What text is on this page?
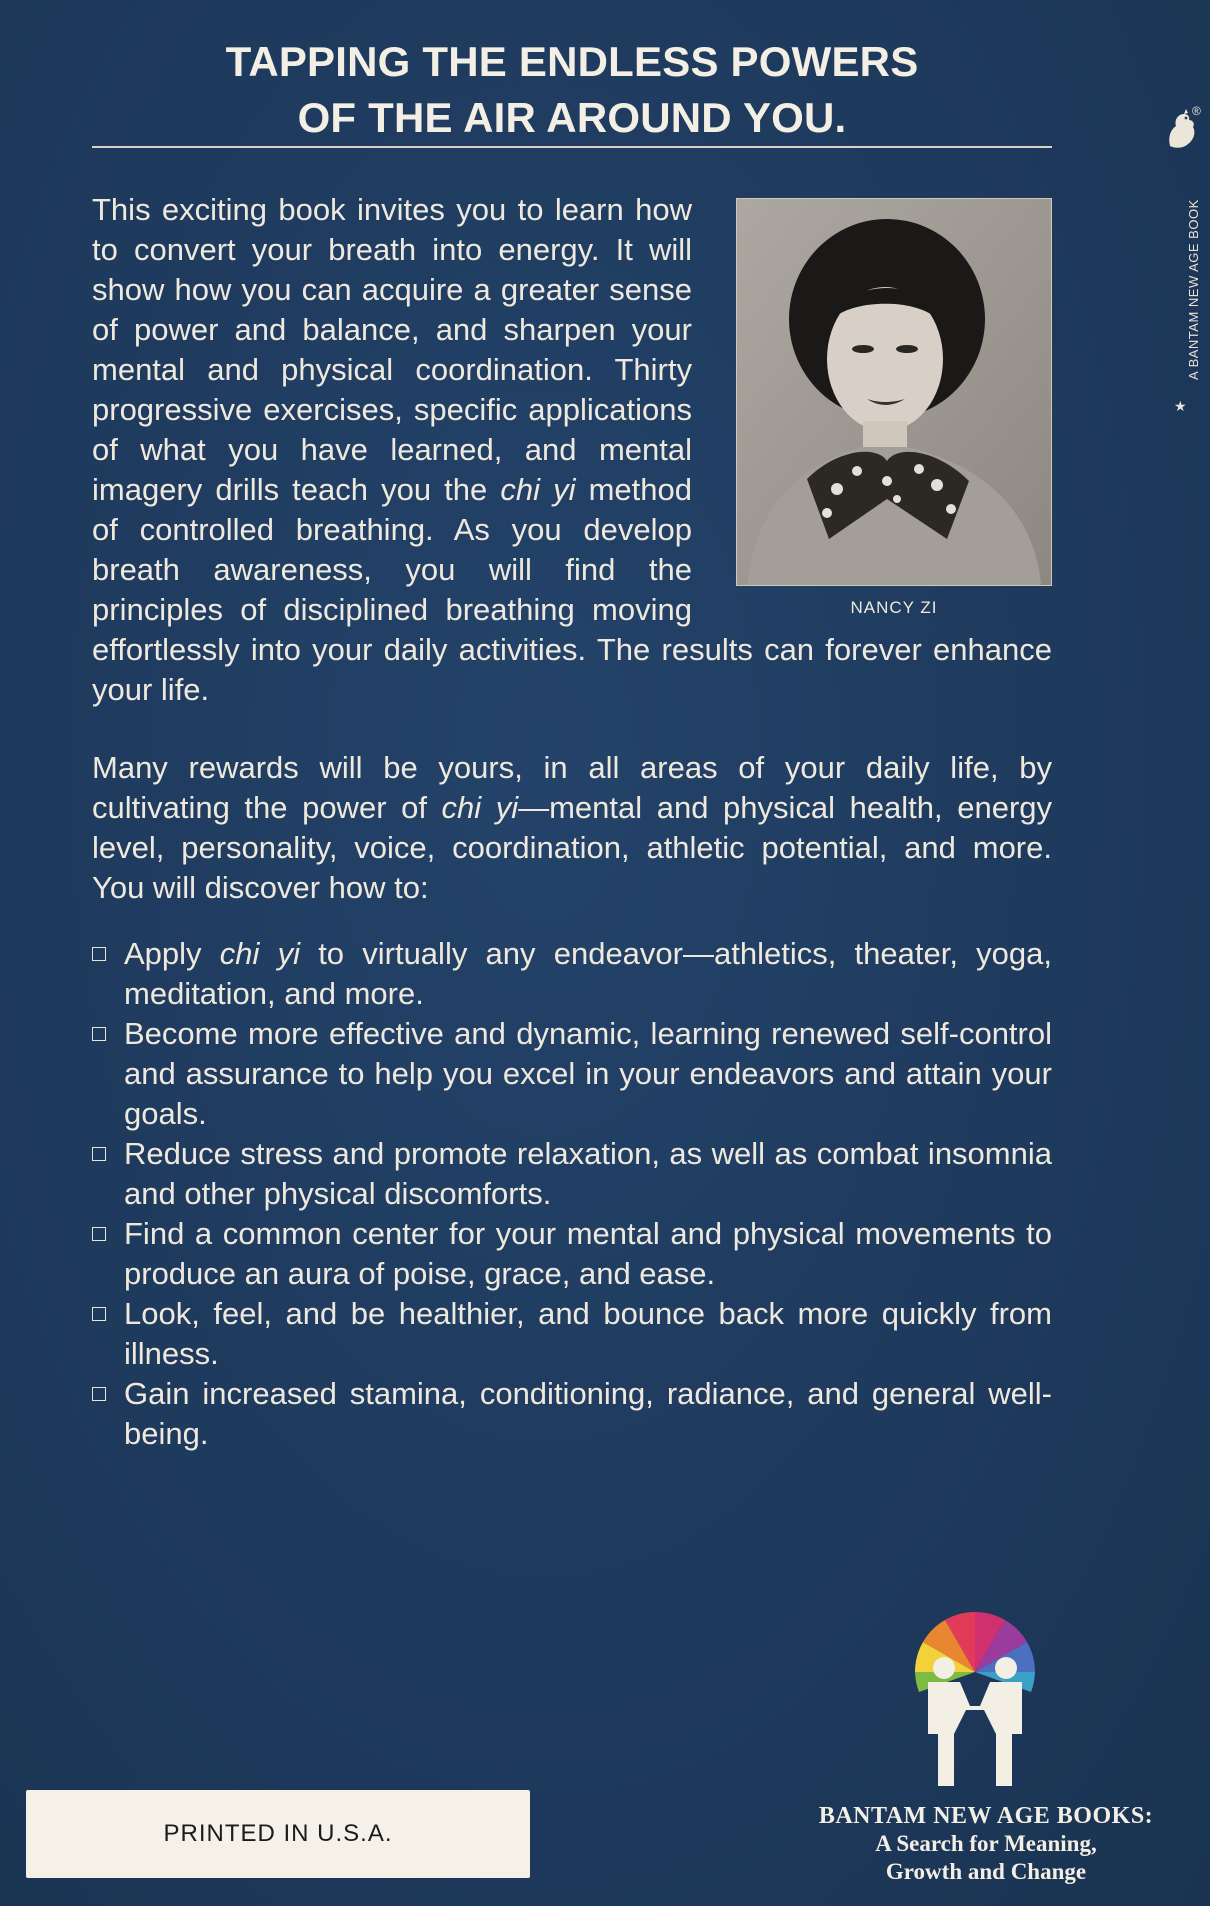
TAPPING THE ENDLESS POWERS
OF THE AIR AROUND YOU.	®
A BANTAM NEW AGE BOOK
★
NANCY ZI

This exciting book invites you to learn how to convert your breath into energy. It will show how you can acquire a greater sense of power and balance, and sharpen your mental and physical coordination. Thirty progressive exercises, specific applications of what you have learned, and mental imagery drills teach you the chi yi method of controlled breathing. As you develop breath awareness, you will find the principles of disciplined breathing moving effortlessly into your daily activities. The results can forever enhance your life.

Many rewards will be yours, in all areas of your daily life, by cultivating the power of chi yi—mental and physical health, energy level, personality, voice, coordination, athletic potential, and more. You will discover how to:

Apply chi yi to virtually any endeavor—athletics, theater, yoga, meditation, and more.
Become more effective and dynamic, learning renewed self-control and assurance to help you excel in your endeavors and attain your goals.
Reduce stress and promote relaxation, as well as combat insomnia and other physical discomforts.
Find a common center for your mental and physical movements to produce an aura of poise, grace, and ease.
Look, feel, and be healthier, and bounce back more quickly from illness.
Gain increased stamina, conditioning, radiance, and general well-being.
BANTAM NEW AGE BOOKS:
A Search for Meaning,
Growth and Change
PRINTED IN U.S.A.
